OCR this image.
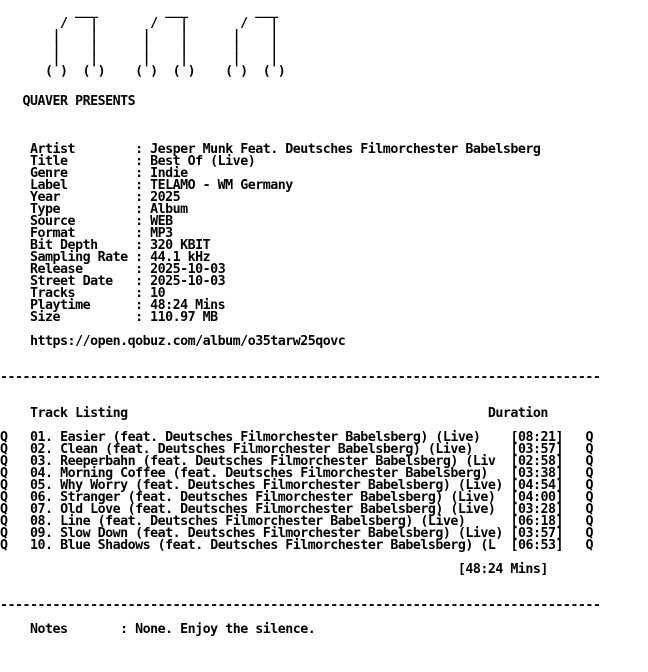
___         ___         ___
/   |       /   |       /   |
|    |      |    |      |    |
|    |      |    |      |    |
|    |      |    |      |    |
( )  ( )    ( )  ( )    ( )  ( )
QUAVER PRESENTS
Artist        : Jesper Munk Feat. Deutsches Filmorchester Babelsberg
Title         : Best Of (Live)
Genre         : Indie
Label         : TELAMO - WM Germany
Year          : 2025
Type          : Album
Source        : WEB
Format        : MP3
Bit Depth     : 320 KBIT
Sampling Rate : 44.1 kHz
Release       : 2025-10-03
Street Date   : 2025-10-03
Tracks        : 10
Playtime      : 48:24 Mins
Size          : 110.97 MB
https://open.qobuz.com/album/o35tarw25qovc
--------------------------------------------------------------------------------
Track Listing	Duration
Q 01. Easier (feat. Deutsches Filmorchester Babelsberg) (Live) [08:21] Q
Q 02. Clean (feat. Deutsches Filmorchester Babelsberg) (Live)	[03:57] Q
Q 03. Reeperbahn (feat. Deutsches Filmorchester Babelsberg) (Liv [02:58] Q
Q 04. Morning Coffee (feat. Deutsches Filmorchester Babelsberg) [03:38] Q
Q 05. Why Worry (feat. Deutsches Filmorchester Babelsberg) (Live) [04:54] Q
Q 06. Stranger (feat. Deutsches Filmorchester Babelsberg) (Live) [04:00] Q
Q 07. Old Love (feat. Deutsches Filmorchester Babelsberg) (Live) [03:28] Q
Q 08. Line (feat. Deutsches Filmorchester Babelsberg) (Live)	[06:18] Q
Q 09. Slow Down (feat. Deutsches Filmorchester Babelsberg) (Live) [03:57] Q
Q 10. Blue Shadows (feat. Deutsches Filmorchester Babelsberg) (L [06:53] Q
[48:24 Mins]
--------------------------------------------------------------------------------
Notes       : None. Enjoy the silence.
